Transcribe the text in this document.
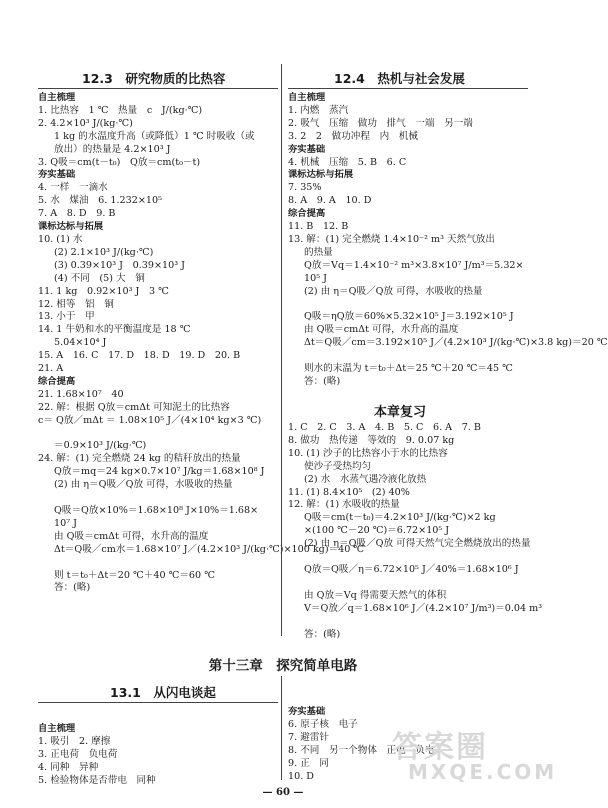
12.3　研究物质的比热容
自主梳理
1. 比热容　1 ℃　热量　c　J/(kg·℃)
2. 4.2×10³ J/(kg·℃)
1 kg 的水温度升高（或降低）1 ℃ 时吸收（或
放出）的热量是 4.2×10³ J
3. Q吸＝cm(t－t₀)　Q放＝cm(t₀－t)
夯实基础
4. 一样　一滴水
5. 水　煤油　6. 1.232×10⁵
7. A　8. D　9. B
课标达标与拓展
10. (1) 水
(2) 2.1×10³ J/(kg·℃)
(3) 0.39×10³ J　0.39×10³ J
(4) 不同　(5) 大　铜
11. 1 kg　0.92×10³ J　3 ℃
12. 相等　铝　铜
13. 小于　甲
14. 1 牛奶和水的平衡温度是 18 ℃
5.04×10⁴ J
15. A　16. C　17. D　18. D　19. D　20. B
21. A
综合提高
21. 1.68×10⁷　40
22. 解：根据 Q放＝cmΔt 可知泥土的比热容
c＝ Q放／mΔt ＝ 1.08×10⁵ J／(4×10⁴ kg×3 ℃)

＝0.9×10³ J/(kg·℃)
24. 解：(1) 完全燃烧 24 kg 的秸秆放出的热量
Q放＝mq＝24 kg×0.7×10⁷ J/kg＝1.68×10⁸ J
(2) 由 η＝Q吸／Q放 可得，水吸收的热量

Q吸＝Q放×10%＝1.68×10⁸ J×10%＝1.68×
10⁷ J
由 Q吸＝cmΔt 可得，水升高的温度
Δt＝Q吸／cm水＝1.68×10⁷ J／(4.2×10³ J/(kg·℃)×100 kg)＝40 ℃

则 t＝t₀＋Δt＝20 ℃＋40 ℃＝60 ℃
答：(略)
12.4　热机与社会发展
自主梳理
1. 内燃　蒸汽
2. 吸气　压缩　做功　排气　一端　另一端
3. 2　2　做功冲程　内　机械
夯实基础
4. 机械　压缩　5. B　6. C
课标达标与拓展
7. 35%
8. A　9. A　10. D
综合提高
11. B　12. B
13. 解：(1) 完全燃烧 1.4×10⁻² m³ 天然气放出
的热量
Q放＝Vq＝1.4×10⁻² m³×3.8×10⁷ J/m³＝5.32×
10⁵ J
(2) 由 η＝Q吸／Q放 可得，水吸收的热量

Q吸＝ηQ放＝60%×5.32×10⁵ J＝3.192×10⁵ J
由 Q吸＝cmΔt 可得，水升高的温度
Δt＝Q吸／cm＝3.192×10⁵ J／(4.2×10³ J/(kg·℃)×3.8 kg)＝20 ℃

则水的末温为 t＝t₀＋Δt＝25 ℃＋20 ℃＝45 ℃
答：(略)
本章复习
1. C　2. C　3. A　4. B　5. C　6. A　7. B
8. 做功　热传递　等效的　9. 0.07 kg
10. (1) 沙子的比热容小于水的比热容
使沙子受热均匀
(2) 水　水蒸气遇冷液化放热
11. (1) 8.4×10⁵　(2) 40%
12. 解：(1) 水吸收的热量
Q吸＝cm(t－t₀)＝4.2×10³ J/(kg·℃)×2 kg
×(100 ℃－20 ℃)＝6.72×10⁵ J
(2) 由 η＝Q吸／Q放 可得天然气完全燃烧放出的热量

Q放＝Q吸／η＝6.72×10⁵ J／40%＝1.68×10⁶ J

由 Q放＝Vq 得需要天然气的体积
V＝Q放／q＝1.68×10⁶ J／(4.2×10⁷ J/m³)＝0.04 m³

答：(略)
第十三章　探究简单电路
13.1　从闪电谈起
自主梳理
1. 吸引　2. 摩擦
3. 正电荷　负电荷
4. 同种　异种
5. 检验物体是否带电　同种
夯实基础
6. 原子核　电子
7. 避雷针
8. 不同　另一个物体　正电　负电
9. 正　同
10. D
答案圈
MXQE.COM
— 60 —
